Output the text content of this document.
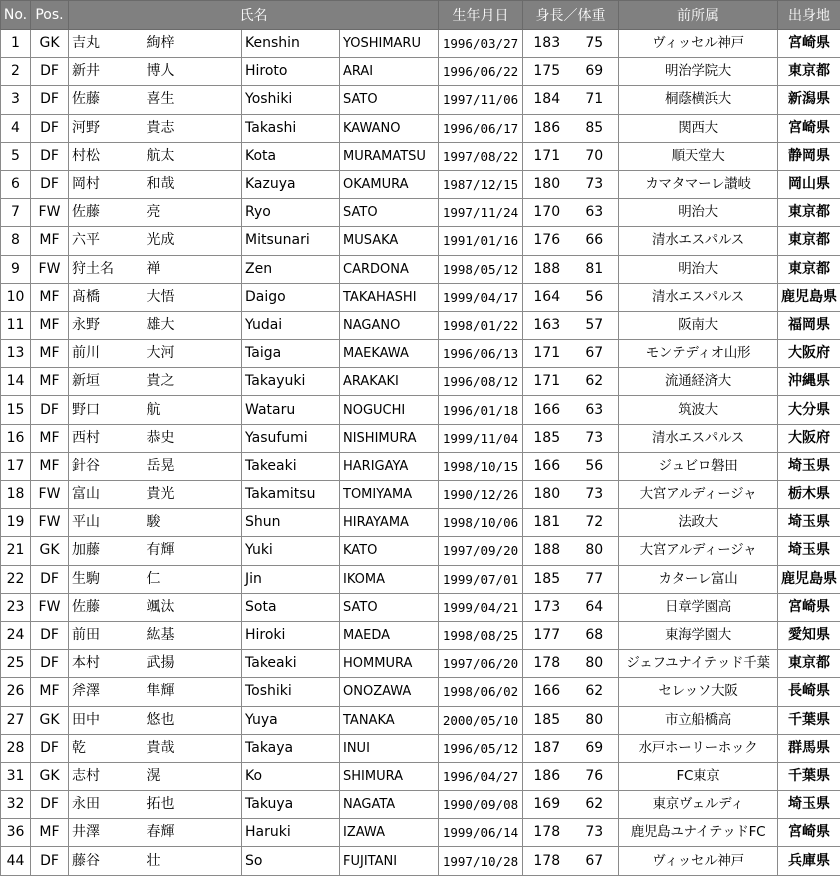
No.	Pos.	氏名				生年月日	身長／体重		前所属	出身地
1	GK	吉丸	絢梓	Kenshin	YOSHIMARU	1996/03/27	183	75	ヴィッセル神戸	宮崎県
2	DF	新井	博人	Hiroto	ARAI	1996/06/22	175	69	明治学院大	東京都
3	DF	佐藤	喜生	Yoshiki	SATO	1997/11/06	184	71	桐蔭横浜大	新潟県
4	DF	河野	貴志	Takashi	KAWANO	1996/06/17	186	85	関西大	宮崎県
5	DF	村松	航太	Kota	MURAMATSU	1997/08/22	171	70	順天堂大	静岡県
6	DF	岡村	和哉	Kazuya	OKAMURA	1987/12/15	180	73	カマタマーレ讃岐	岡山県
7	FW	佐藤	亮	Ryo	SATO	1997/11/24	170	63	明治大	東京都
8	MF	六平	光成	Mitsunari	MUSAKA	1991/01/16	176	66	清水エスパルス	東京都
9	FW	狩土名	禅	Zen	CARDONA	1998/05/12	188	81	明治大	東京都
10	MF	髙橋	大悟	Daigo	TAKAHASHI	1999/04/17	164	56	清水エスパルス	鹿児島県
11	MF	永野	雄大	Yudai	NAGANO	1998/01/22	163	57	阪南大	福岡県
13	MF	前川	大河	Taiga	MAEKAWA	1996/06/13	171	67	モンテディオ山形	大阪府
14	MF	新垣	貴之	Takayuki	ARAKAKI	1996/08/12	171	62	流通経済大	沖縄県
15	DF	野口	航	Wataru	NOGUCHI	1996/01/18	166	63	筑波大	大分県
16	MF	西村	恭史	Yasufumi	NISHIMURA	1999/11/04	185	73	清水エスパルス	大阪府
17	MF	針谷	岳晃	Takeaki	HARIGAYA	1998/10/15	166	56	ジュビロ磐田	埼玉県
18	FW	富山	貴光	Takamitsu	TOMIYAMA	1990/12/26	180	73	大宮アルディージャ	栃木県
19	FW	平山	駿	Shun	HIRAYAMA	1998/10/06	181	72	法政大	埼玉県
21	GK	加藤	有輝	Yuki	KATO	1997/09/20	188	80	大宮アルディージャ	埼玉県
22	DF	生駒	仁	Jin	IKOMA	1999/07/01	185	77	カターレ富山	鹿児島県
23	FW	佐藤	颯汰	Sota	SATO	1999/04/21	173	64	日章学園高	宮崎県
24	DF	前田	紘基	Hiroki	MAEDA	1998/08/25	177	68	東海学園大	愛知県
25	DF	本村	武揚	Takeaki	HOMMURA	1997/06/20	178	80	ジェフユナイテッド千葉	東京都
26	MF	斧澤	隼輝	Toshiki	ONOZAWA	1998/06/02	166	62	セレッソ大阪	長崎県
27	GK	田中	悠也	Yuya	TANAKA	2000/05/10	185	80	市立船橋高	千葉県
28	DF	乾	貴哉	Takaya	INUI	1996/05/12	187	69	水戸ホーリーホック	群馬県
31	GK	志村	滉	Ko	SHIMURA	1996/04/27	186	76	FC東京	千葉県
32	DF	永田	拓也	Takuya	NAGATA	1990/09/08	169	62	東京ヴェルディ	埼玉県
36	MF	井澤	春輝	Haruki	IZAWA	1999/06/14	178	73	鹿児島ユナイテッドFC	宮崎県
44	DF	藤谷	壮	So	FUJITANI	1997/10/28	178	67	ヴィッセル神戸	兵庫県
